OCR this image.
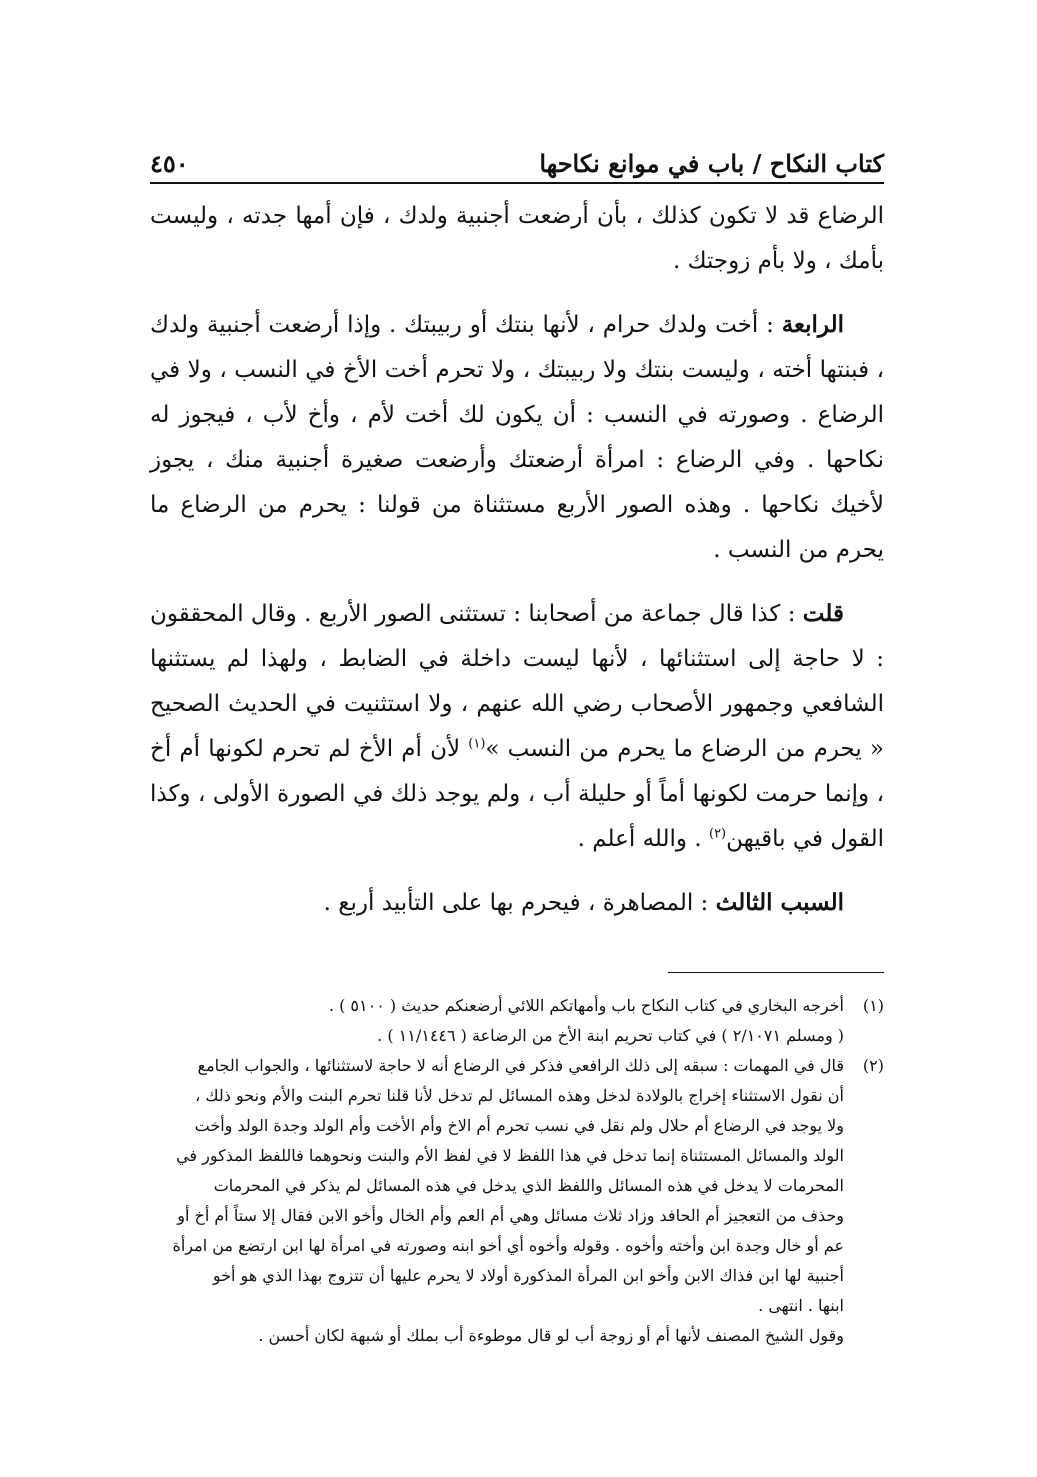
كتاب النكاح / باب في موانع نكاحها
٤٥٠

الرضاع قد لا تكون كذلك ، بأن أرضعت أجنبية ولدك ، فإن أمها جدته ، وليست بأمك ، ولا بأم زوجتك .

الرابعة : أخت ولدك حرام ، لأنها بنتك أو ربيبتك . وإذا أرضعت أجنبية ولدك ، فبنتها أخته ، وليست بنتك ولا ربيبتك ، ولا تحرم أخت الأخ في النسب ، ولا في الرضاع . وصورته في النسب : أن يكون لك أخت لأم ، وأخ لأب ، فيجوز له نكاحها . وفي الرضاع : امرأة أرضعتك وأرضعت صغيرة أجنبية منك ، يجوز لأخيك نكاحها . وهذه الصور الأربع مستثناة من قولنا : يحرم من الرضاع ما يحرم من النسب .

قلت : كذا قال جماعة من أصحابنا : تستثنى الصور الأربع . وقال المحققون : لا حاجة إلى استثنائها ، لأنها ليست داخلة في الضابط ، ولهذا لم يستثنها الشافعي وجمهور الأصحاب رضي الله عنهم ، ولا استثنيت في الحديث الصحيح « يحرم من الرضاع ما يحرم من النسب »$^{(١)}$ لأن أم الأخ لم تحرم لكونها أم أخ ، وإنما حرمت لكونها أماً أو حليلة أب ، ولم يوجد ذلك في الصورة الأولى ، وكذا القول في باقيهن$^{(٢)}$ . والله أعلم .

السبب الثالث : المصاهرة ، فيحرم بها على التأبيد أربع .
(١)
أخرجه البخاري في كتاب النكاح باب وأمهاتكم اللائي أرضعنكم حديث ( ٥١٠٠ ) .
( ومسلم ٢/١٠٧١ ) في كتاب تحريم ابنة الأخ من الرضاعة ( ١١/١٤٤٦ ) .
(٢)
قال في المهمات : سبقه إلى ذلك الرافعي فذكر في الرضاع أنه لا حاجة لاستثنائها ، والجواب الجامع
أن نقول الاستثناء إخراج بالولادة لدخل وهذه المسائل لم تدخل لأنا قلنا تحرم البنت والأم ونحو ذلك ،
ولا يوجد في الرضاع أم حلال ولم نقل في نسب تحرم أم الاخ وأم الأخت وأم الولد وجدة الولد وأخت
الولد والمسائل المستثناة إنما تدخل في هذا اللفظ لا في لفظ الأم والبنت ونحوهما فاللفظ المذكور في
المحرمات لا يدخل في هذه المسائل واللفظ الذي يدخل في هذه المسائل لم يذكر في المحرمات
وحذف من التعجيز أم الحافد وزاد ثلاث مسائل وهي أم العم وأم الخال وأخو الابن فقال إلا ستاً أم أخ أو
عم أو خال وجدة ابن وأخته وأخوه . وقوله وأخوه أي أخو ابنه وصورته في امرأة لها ابن ارتضع من امرأة
أجنبية لها ابن فذاك الابن وأخو ابن المرأة المذكورة أولاد لا يحرم عليها أن تتزوج بهذا الذي هو أخو
ابنها . انتهى .
وقول الشيخ المصنف لأنها أم أو زوجة أب لو قال موطوءة أب بملك أو شبهة لكان أحسن .
